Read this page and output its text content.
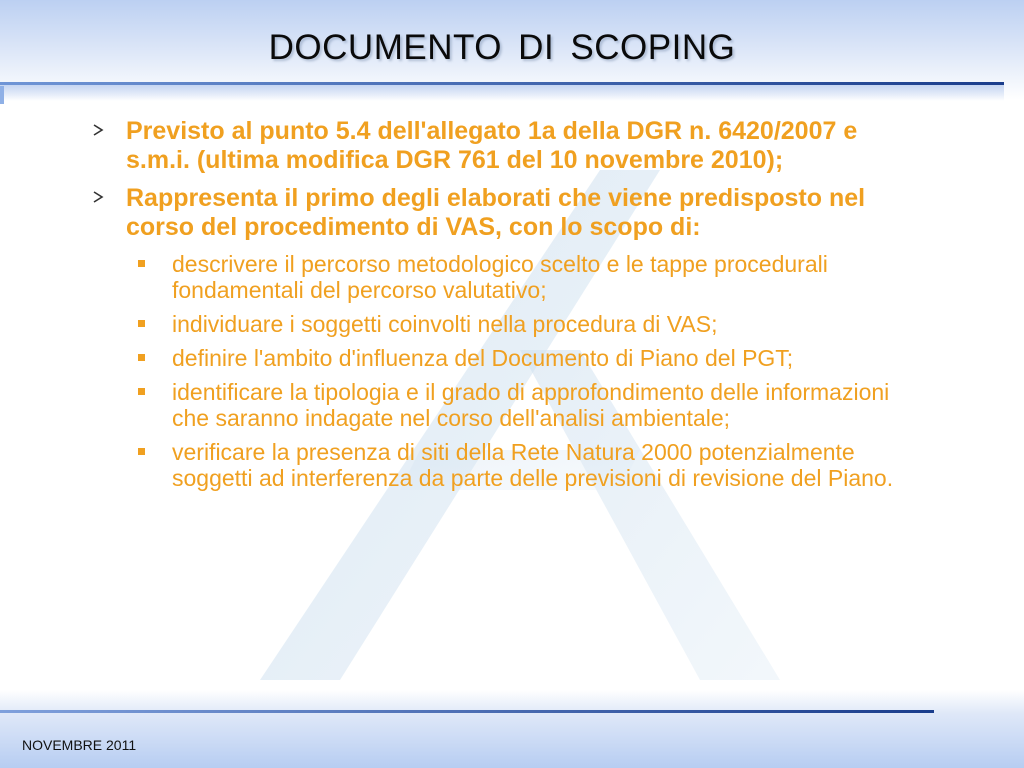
DOCUMENTO DI SCOPING
Previsto al punto 5.4 dell'allegato 1a della DGR n. 6420/2007 e s.m.i. (ultima modifica DGR 761 del 10 novembre 2010);
Rappresenta il primo degli elaborati che viene predisposto nel corso del procedimento di VAS, con lo scopo di:
descrivere il percorso metodologico scelto e le tappe procedurali fondamentali del percorso valutativo;
individuare i soggetti coinvolti nella procedura di VAS;
definire l'ambito d'influenza del Documento di Piano del PGT;
identificare la tipologia e il grado di approfondimento delle informazioni che saranno indagate nel corso dell'analisi ambientale;
verificare la presenza di siti della Rete Natura 2000 potenzialmente soggetti ad interferenza da parte delle previsioni di revisione del Piano.
NOVEMBRE 2011
